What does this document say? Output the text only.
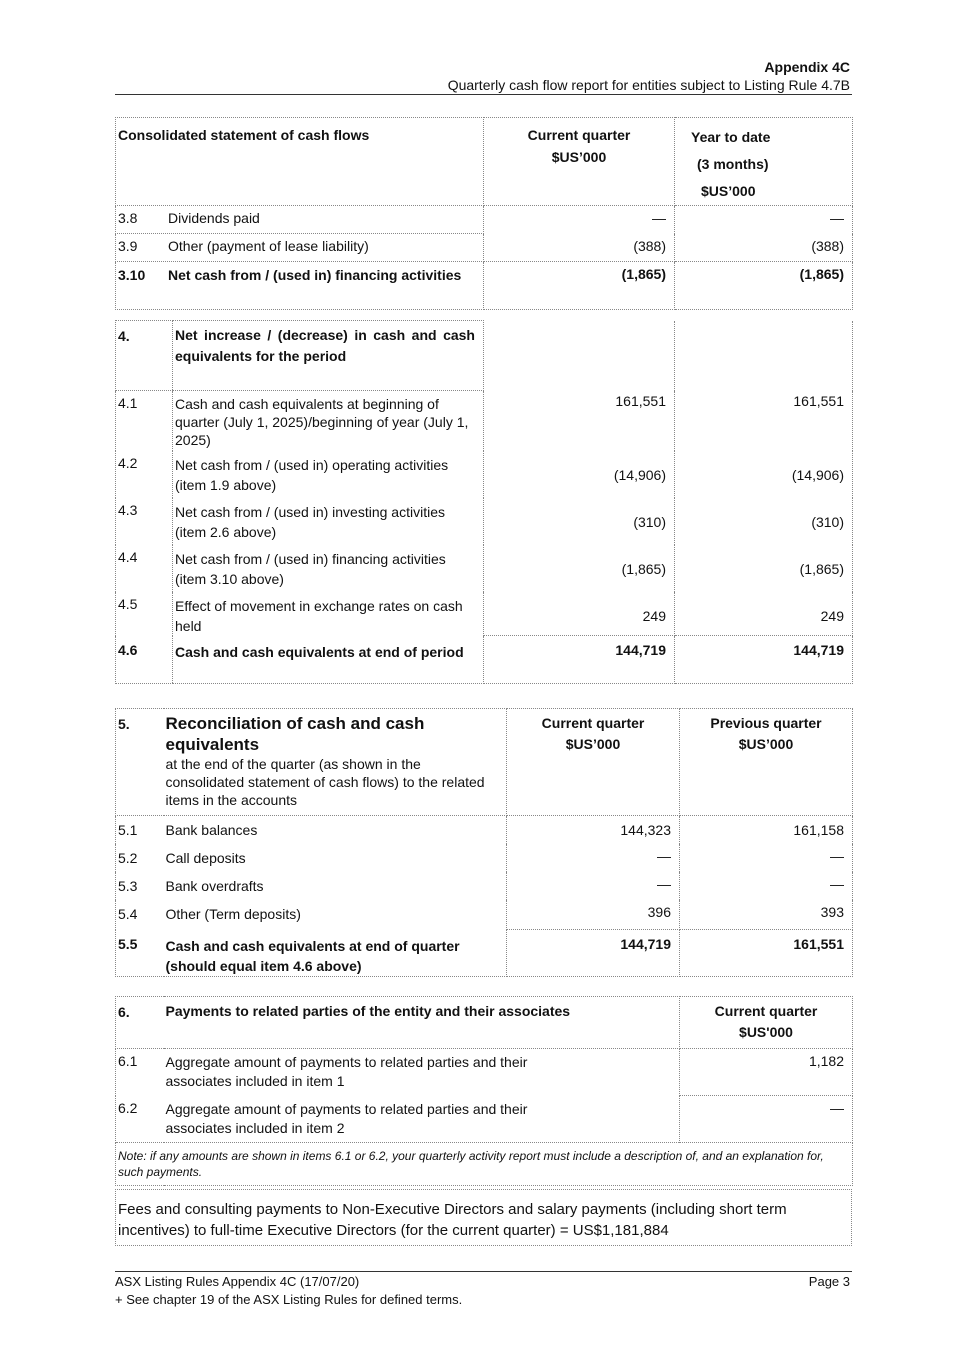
Appendix 4C
Quarterly cash flow report for entities subject to Listing Rule 4.7B
Consolidated statement of cash flows	Current quarter
$US’000

Year to date
(3 months)
$US’000

3.8 Dividends paid	—	—
3.9 Other (payment of lease liability)	(388)	(388)
3.10 Net cash from / (used in) financing activities	(1,865)	(1,865)
4.	Net increase / (decrease) in cash and cash equivalents for the period		
4.1	Cash and cash equivalents at beginning of quarter (July 1, 2025)/beginning of year (July 1, 2025)	161,551	161,551
4.2	Net cash from / (used in) operating activities (item 1.9 above)	(14,906)	(14,906)
4.3	Net cash from / (used in) investing activities (item 2.6 above)	(310)	(310)
4.4	Net cash from / (used in) financing activities (item 3.10 above)	(1,865)	(1,865)
4.5	Effect of movement in exchange rates on cash held	249	249
4.6	Cash and cash equivalents at end of period	144,719	144,719
5.	Reconciliation of cash and cash equivalents
at the end of the quarter (as shown in the consolidated statement of cash flows) to the related items in the accounts

Current quarter
$US’000

Previous quarter
$US’000

5.1	Bank balances	144,323	161,158
5.2	Call deposits	—	—
5.3	Bank overdrafts	—	—
5.4	Other (Term deposits)	396	393
5.5	Cash and cash equivalents at end of quarter (should equal item 4.6 above)	144,719	161,551
6.	Payments to related parties of the entity and their associates	Current quarter
$US'000

6.1	Aggregate amount of payments to related parties and their associates included in item 1	1,182
6.2	Aggregate amount of payments to related parties and their associates included in item 2	—
Note: if any amounts are shown in items 6.1 or 6.2, your quarterly activity report must include a description of, and an explanation for, such payments.		
Fees and consulting payments to Non-Executive Directors and salary payments (including short term incentives) to full-time Executive Directors (for the current quarter) = US$1,181,884
ASX Listing Rules Appendix 4C (17/07/20)
+ See chapter 19 of the ASX Listing Rules for defined terms.
Page 3
